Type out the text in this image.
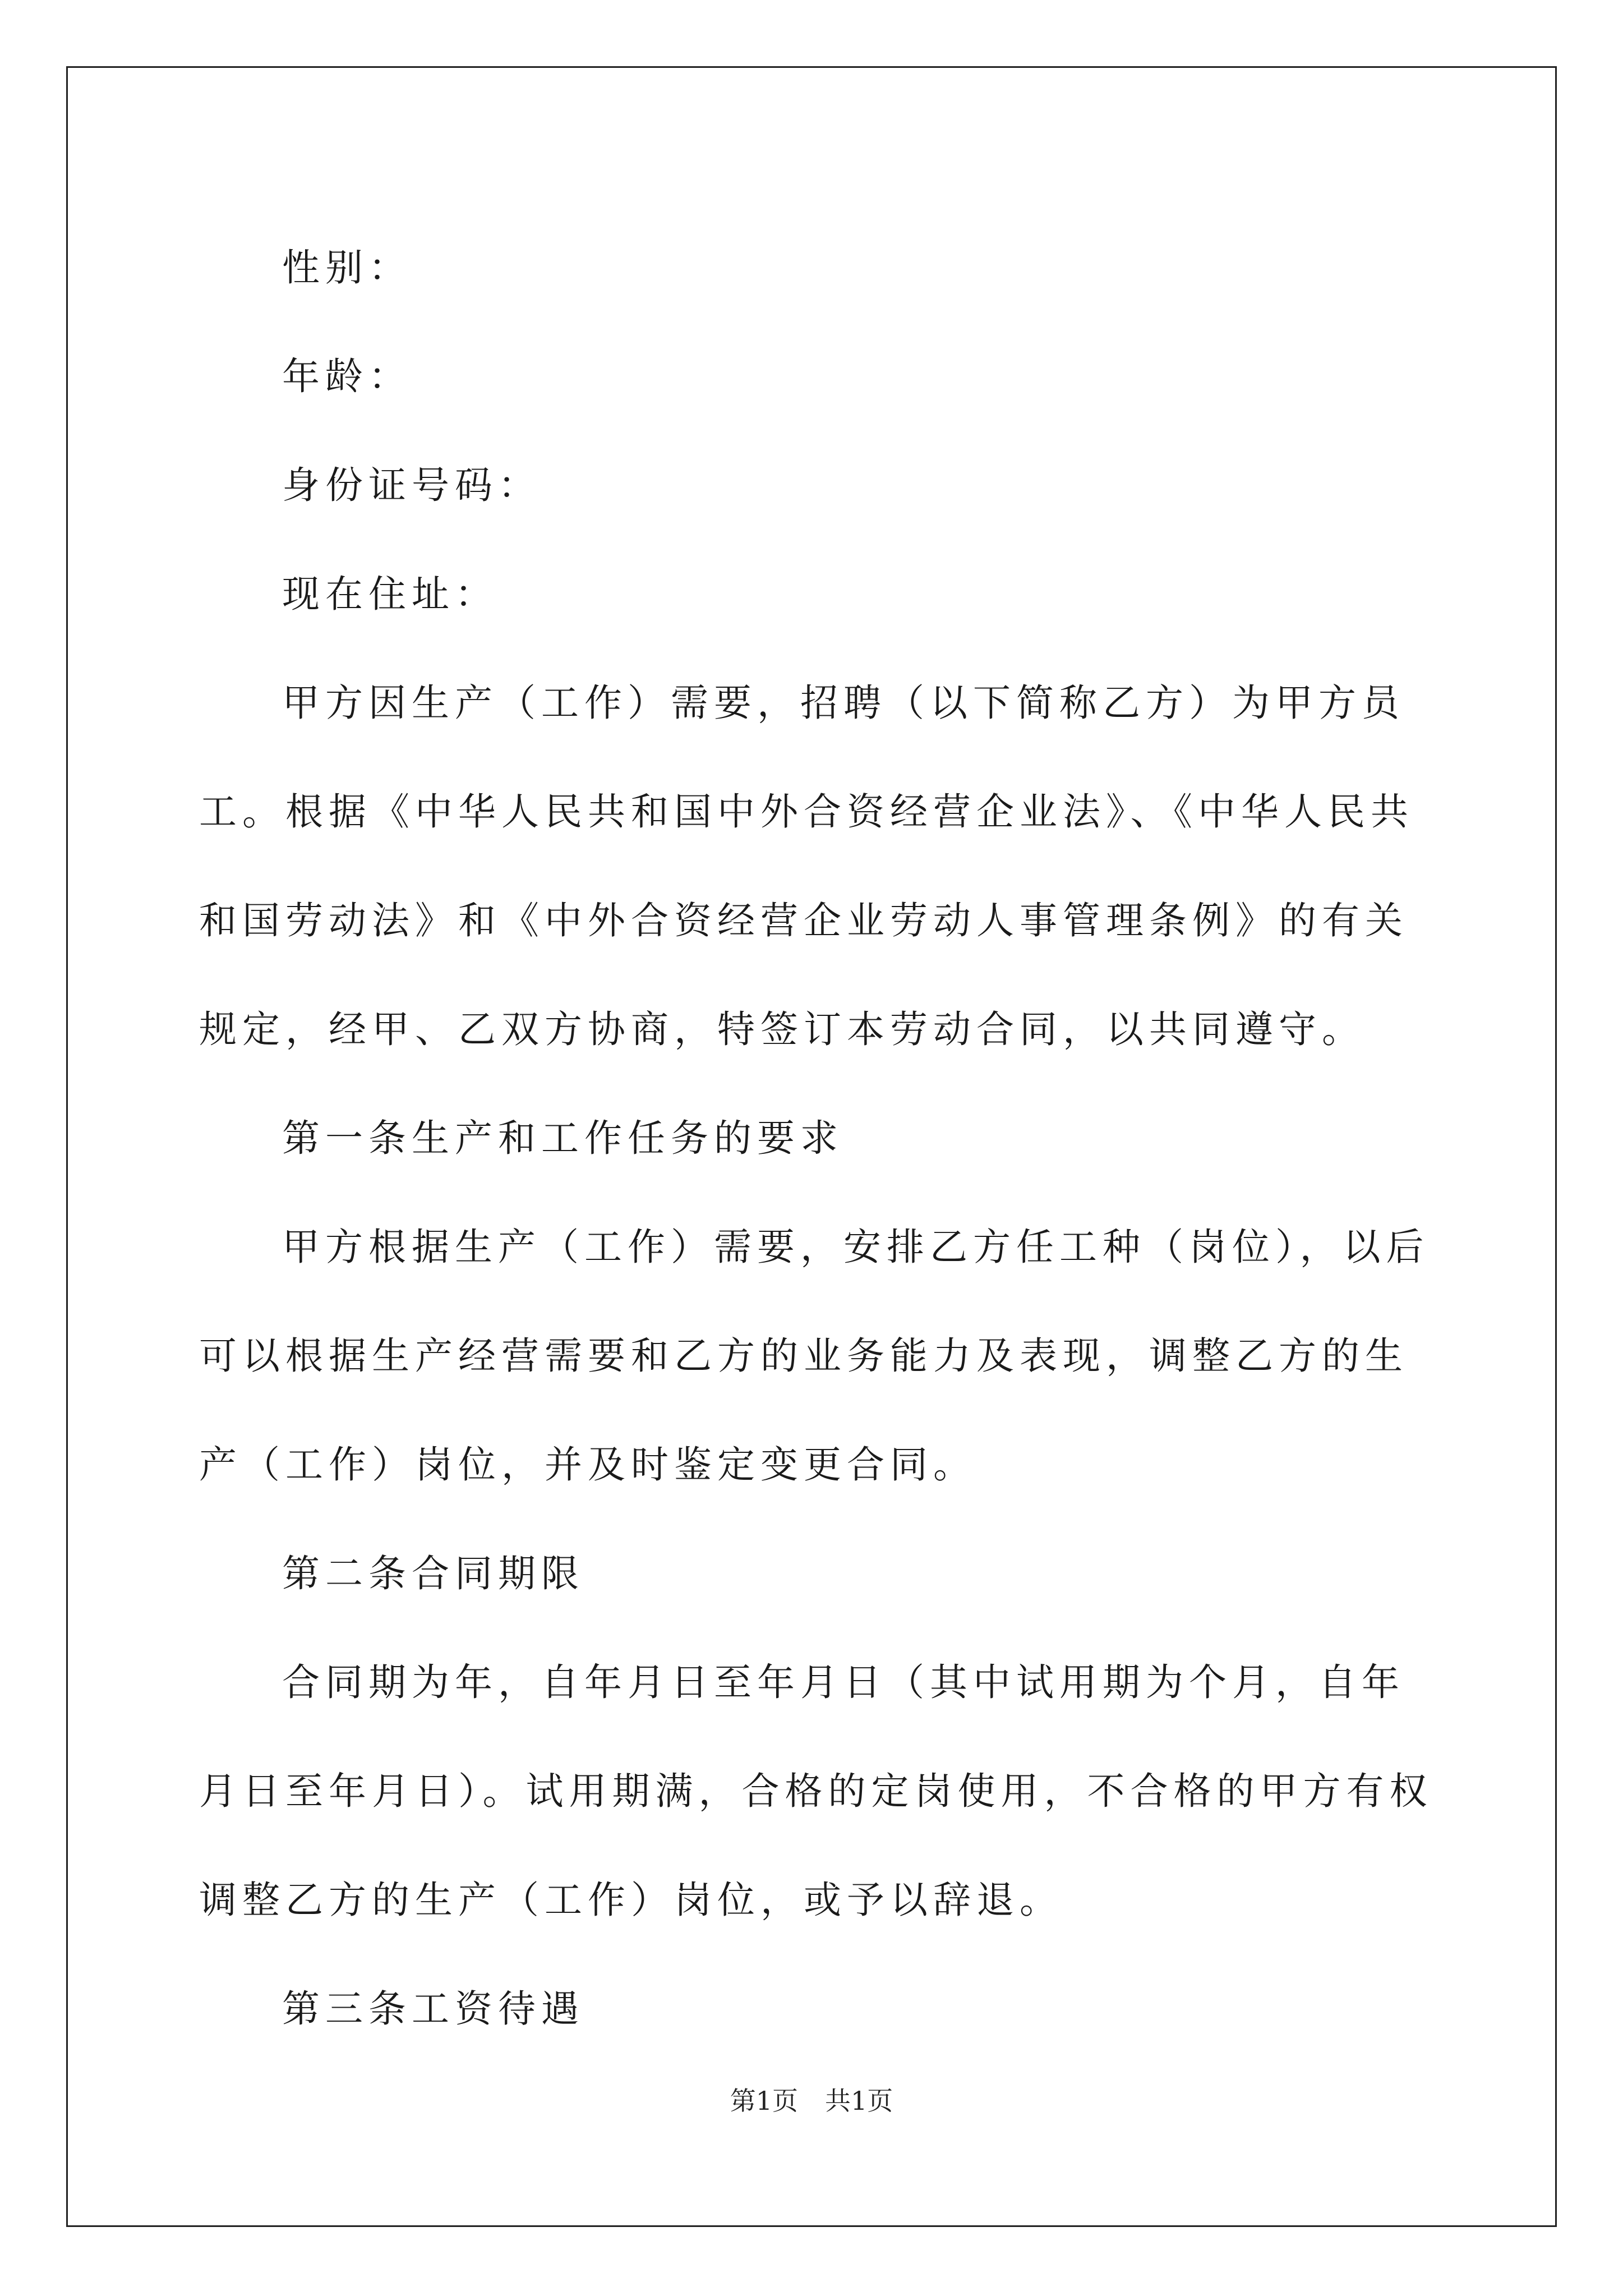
性别：

年龄：

身份证号码：

现在住址：

甲方因生产（工作）需要，招聘（以下简称乙方）为甲方员工。根据《中华人民共和国中外合资经营企业法》、《中华人民共和国劳动法》和《中外合资经营企业劳动人事管理条例》的有关规定，经甲、乙双方协商，特签订本劳动合同，以共同遵守。

第一条生产和工作任务的要求

甲方根据生产（工作）需要，安排乙方任工种（岗位），以后可以根据生产经营需要和乙方的业务能力及表现，调整乙方的生产（工作）岗位，并及时鉴定变更合同。

第二条合同期限

合同期为年，自年月日至年月日（其中试用期为个月，自年月日至年月日）。试用期满，合格的定岗使用，不合格的甲方有权调整乙方的生产（工作）岗位，或予以辞退。

第三条工资待遇

第1页 共1页
